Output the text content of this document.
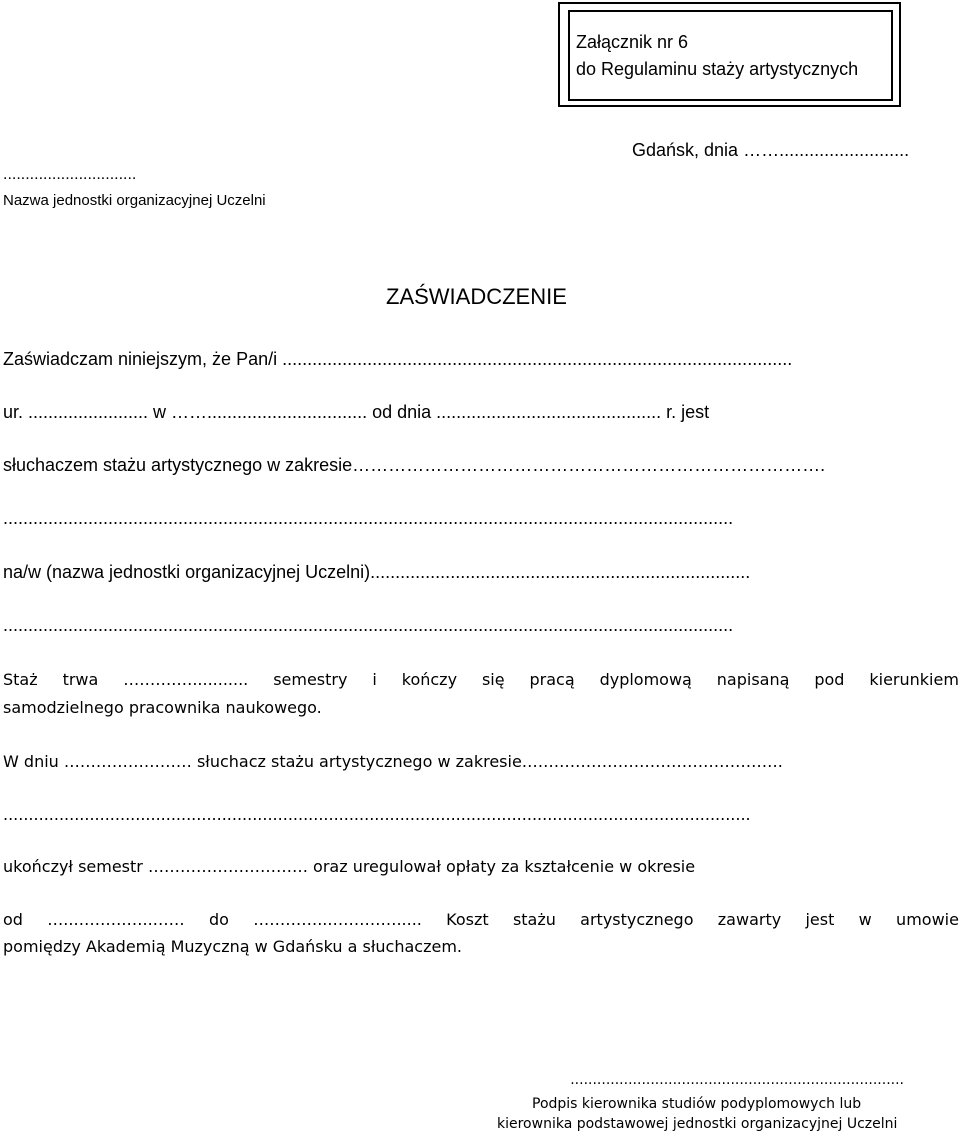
Załącznik nr 6
do Regulaminu staży artystycznych
Gdańsk, dnia ……..........................
..............................
Nazwa jednostki organizacyjnej Uczelni
ZAŚWIADCZENIE
Zaświadczam niniejszym, że Pan/i ......................................................................................................
ur. ........................ w ……................................ od dnia ............................................. r. jest
słuchaczem stażu artystycznego w zakresie…………………………………………………………………….
..................................................................................................................................................
na/w (nazwa jednostki organizacyjnej Uczelni)............................................................................
..................................................................................................................................................
Staż trwa ……….…........... semestry i kończy się pracą dyplomową napisaną pod kierunkiem
samodzielnego pracownika naukowego.
W dniu …………………… słuchacz stażu artystycznego w zakresie………………………………………….
...................................................................................................................................................
ukończył semestr ………………………… oraz uregulował opłaty za kształcenie w okresie
od …..……….…..…… do …………...…………..... Koszt stażu artystycznego zawarty jest w umowie
pomiędzy Akademią Muzyczną w Gdańsku a słuchaczem.
...........................................................................
Podpis kierownika studiów podyplomowych lub
kierownika podstawowej jednostki organizacyjnej Uczelni
